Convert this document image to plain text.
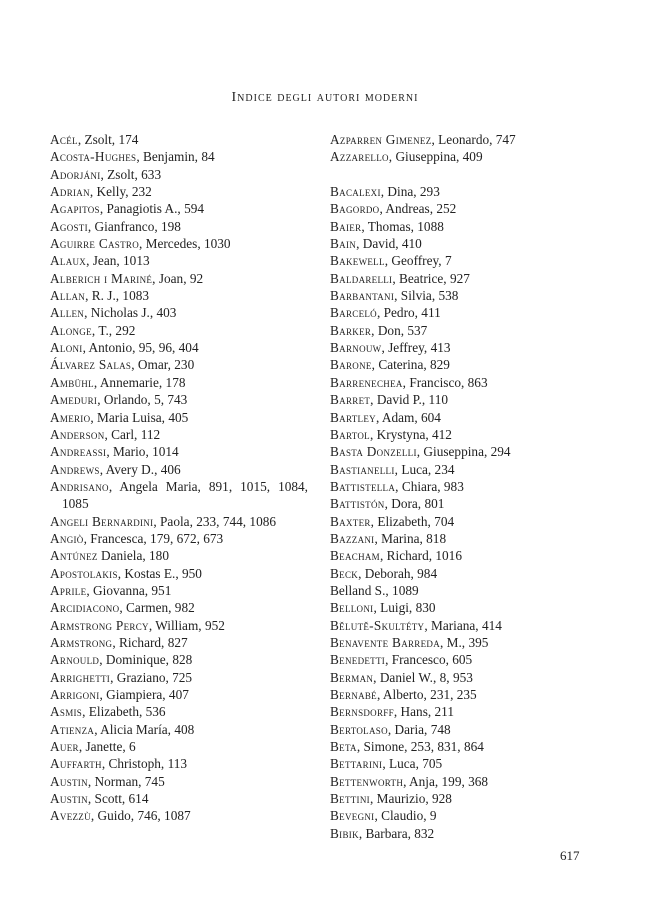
Indice degli autori moderni

Acél, Zsolt, 174

Acosta-Hughes, Benjamin, 84

Adorjáni, Zsolt, 633

Adrian, Kelly, 232

Agapitos, Panagiotis A., 594

Agosti, Gianfranco, 198

Aguirre Castro, Mercedes, 1030

Alaux, Jean, 1013

Alberich i Mariné, Joan, 92

Allan, R. J., 1083

Allen, Nicholas J., 403

Alonge, T., 292

Aloni, Antonio, 95, 96, 404

Álvarez Salas, Omar, 230

Ambühl, Annemarie, 178

Ameduri, Orlando, 5, 743

Amerio, Maria Luisa, 405

Anderson, Carl, 112

Andreassi, Mario, 1014

Andrews, Avery D., 406

Andrisano, Angela Maria, 891, 1015, 1084, 1085

Angeli Bernardini, Paola, 233, 744, 1086

Angiò, Francesca, 179, 672, 673

Antúnez Daniela, 180

Apostolakis, Kostas E., 950

Aprile, Giovanna, 951

Arcidiacono, Carmen, 982

Armstrong Percy, William, 952

Armstrong, Richard, 827

Arnould, Dominique, 828

Arrighetti, Graziano, 725

Arrigoni, Giampiera, 407

Asmis, Elizabeth, 536

Atienza, Alicia María, 408

Auer, Janette, 6

Auffarth, Christoph, 113

Austin, Norman, 745

Austin, Scott, 614

Avezzù, Guido, 746, 1087

Azparren Gimenez, Leonardo, 747

Azzarello, Giuseppina, 409

Bacalexi, Dina, 293

Bagordo, Andreas, 252

Baier, Thomas, 1088

Bain, David, 410

Bakewell, Geoffrey, 7

Baldarelli, Beatrice, 927

Barbantani, Silvia, 538

Barceló, Pedro, 411

Barker, Don, 537

Barnouw, Jeffrey, 413

Barone, Caterina, 829

Barrenechea, Francisco, 863

Barret, David P., 110

Bartley, Adam, 604

Bartol, Krystyna, 412

Basta Donzelli, Giuseppina, 294

Bastianelli, Luca, 234

Battistella, Chiara, 983

Battistón, Dora, 801

Baxter, Elizabeth, 704

Bazzani, Marina, 818

Beacham, Richard, 1016

Beck, Deborah, 984

Belland S., 1089

Belloni, Luigi, 830

Bělutě-Skultéty, Mariana, 414

Benavente Barreda, M., 395

Benedetti, Francesco, 605

Berman, Daniel W., 8, 953

Bernabé, Alberto, 231, 235

Bernsdorff, Hans, 211

Bertolaso, Daria, 748

Beta, Simone, 253, 831, 864

Bettarini, Luca, 705

Bettenworth, Anja, 199, 368

Bettini, Maurizio, 928

Bevegni, Claudio, 9

Bibik, Barbara, 832

617
